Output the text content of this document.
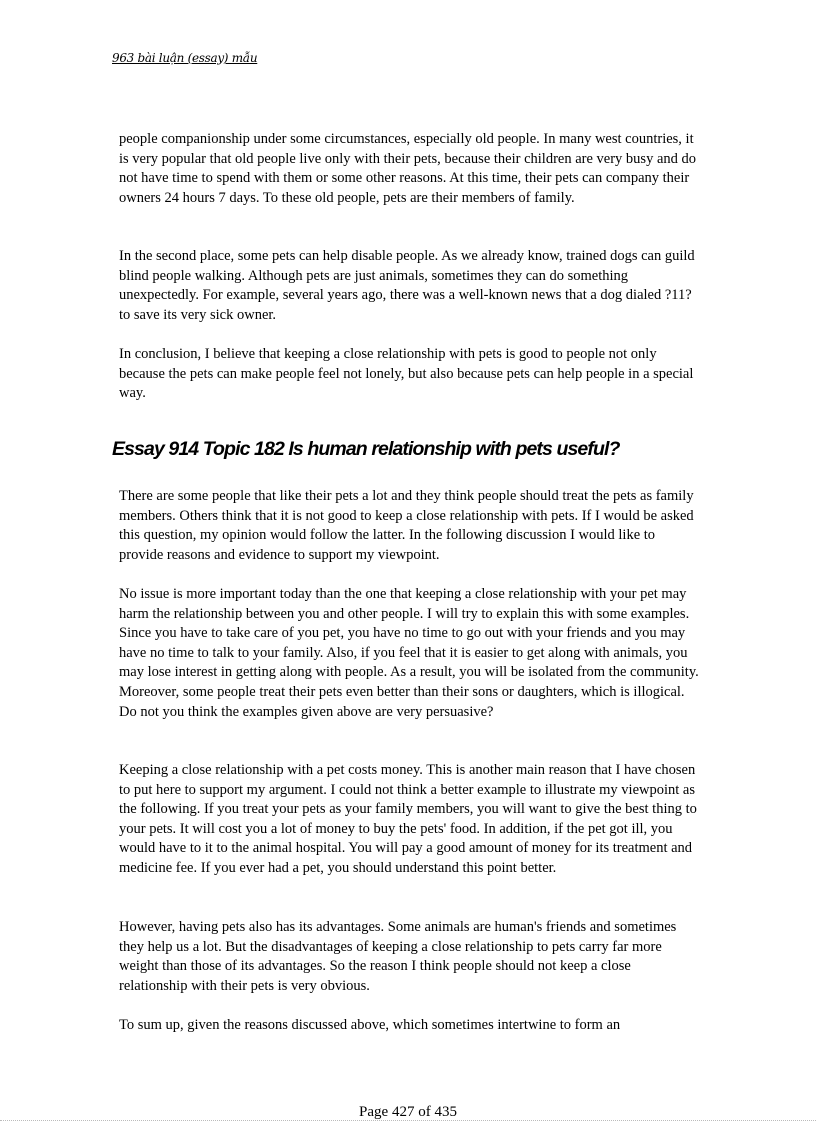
963 bài luận (essay) mẫu

people companionship under some circumstances, especially old people. In many west countries, it is very popular that old people live only with their pets, because their children are very busy and do not have time to spend with them or some other reasons. At this time, their pets can company their owners 24 hours 7 days. To these old people, pets are their members of family.

In the second place, some pets can help disable people. As we already know, trained dogs can guild blind people walking. Although pets are just animals, sometimes they can do something unexpectedly. For example, several years ago, there was a well-known news that a dog dialed ?11?to save its very sick owner.

In conclusion, I believe that keeping a close relationship with pets is good to people not only because the pets can make people feel not lonely, but also because pets can help people in a special way.

Essay 914 Topic 182 Is human relationship with pets useful?

There are some people that like their pets a lot and they think people should treat the pets as family members. Others think that it is not good to keep a close relationship with pets. If I would be asked this question, my opinion would follow the latter. In the following discussion I would like to provide reasons and evidence to support my viewpoint.

No issue is more important today than the one that keeping a close relationship with your pet may harm the relationship between you and other people. I will try to explain this with some examples. Since you have to take care of you pet, you have no time to go out with your friends and you may have no time to talk to your family. Also, if you feel that it is easier to get along with animals, you may lose interest in getting along with people. As a result, you will be isolated from the community. Moreover, some people treat their pets even better than their sons or daughters, which is illogical. Do not you think the examples given above are very persuasive?

Keeping a close relationship with a pet costs money. This is another main reason that I have chosen to put here to support my argument. I could not think a better example to illustrate my viewpoint as the following. If you treat your pets as your family members, you will want to give the best thing to your pets. It will cost you a lot of money to buy the pets' food. In addition, if the pet got ill, you would have to it to the animal hospital. You will pay a good amount of money for its treatment and medicine fee. If you ever had a pet, you should understand this point better.

However, having pets also has its advantages. Some animals are human's friends and sometimes they help us a lot. But the disadvantages of keeping a close relationship to pets carry far more weight than those of its advantages. So the reason I think people should not keep a close relationship with their pets is very obvious.

To sum up, given the reasons discussed above, which sometimes intertwine to form an

Page 427 of 435
